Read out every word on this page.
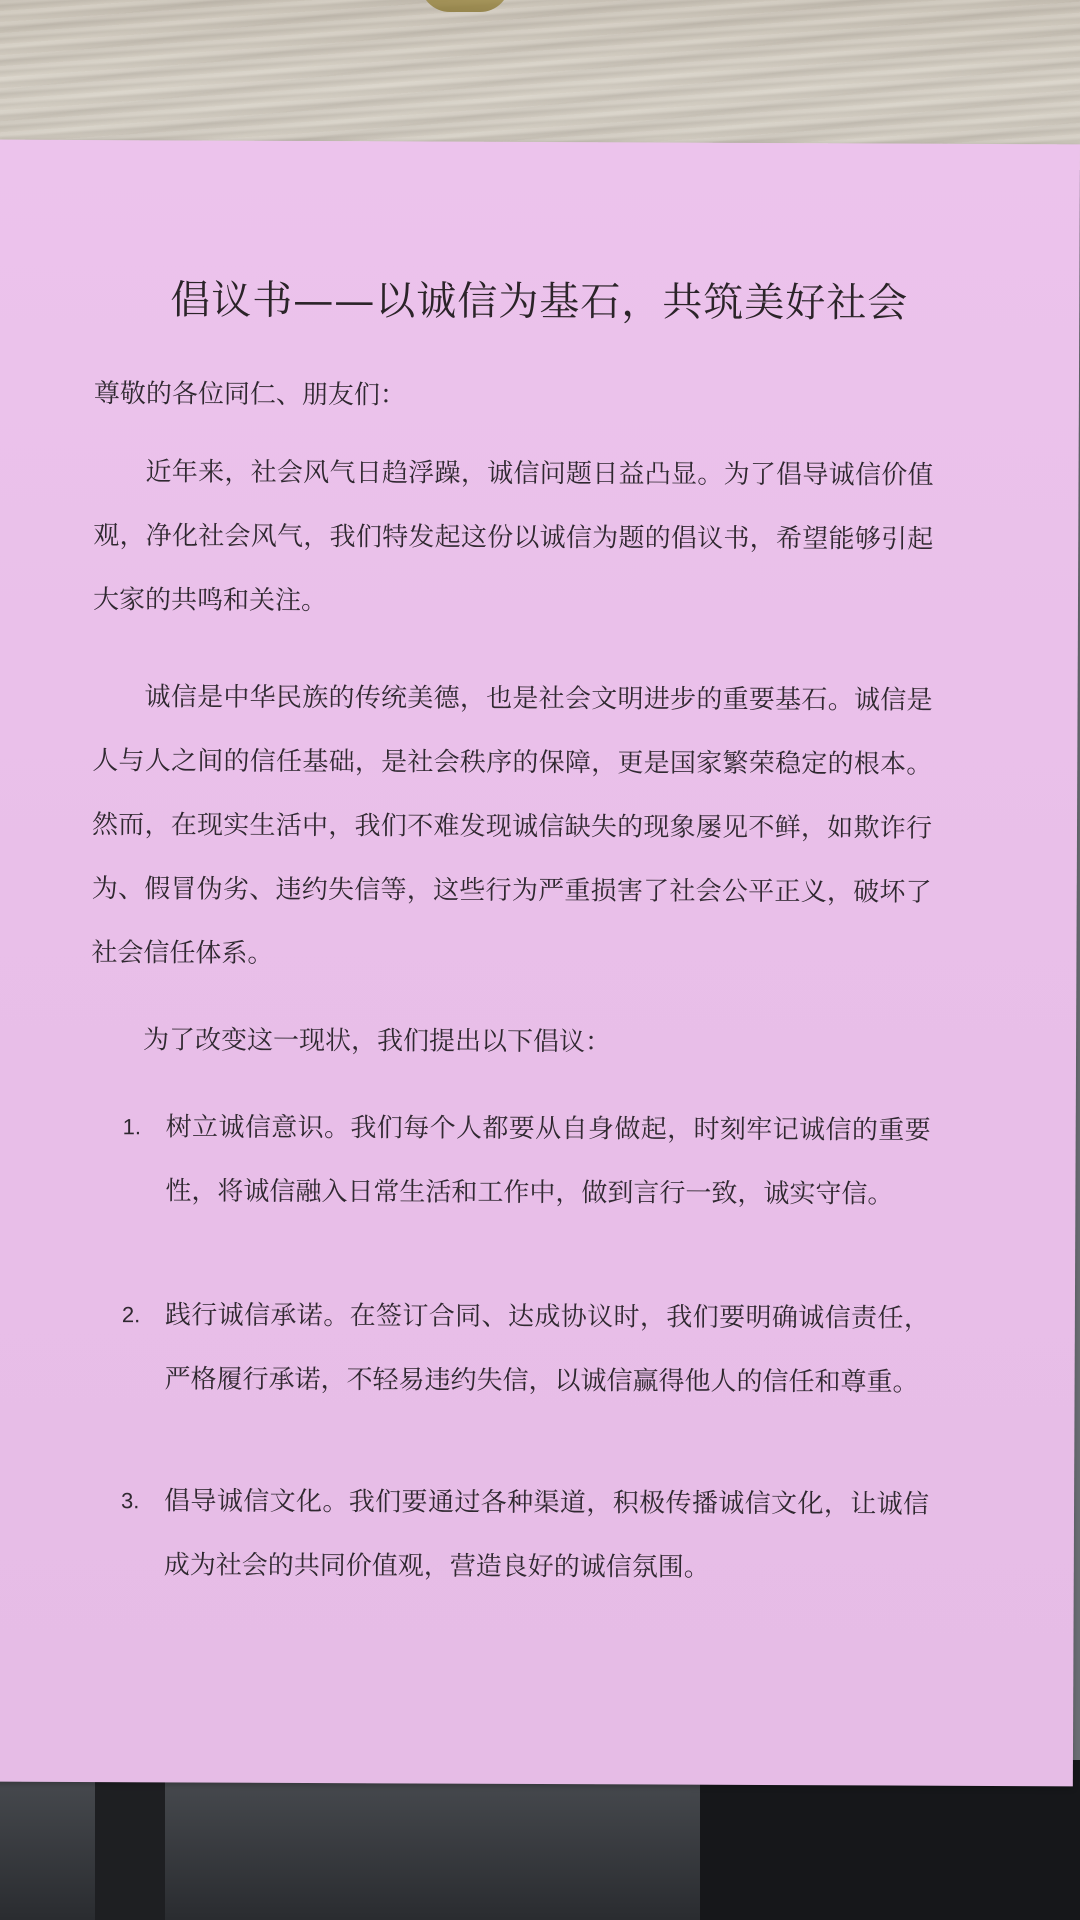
倡议书——以诚信为基石，共筑美好社会
尊敬的各位同仁、朋友们：
近年来，社会风气日趋浮躁，诚信问题日益凸显。为了倡导诚信价值观，净化社会风气，我们特发起这份以诚信为题的倡议书，希望能够引起大家的共鸣和关注。
诚信是中华民族的传统美德，也是社会文明进步的重要基石。诚信是人与人之间的信任基础，是社会秩序的保障，更是国家繁荣稳定的根本。然而，在现实生活中，我们不难发现诚信缺失的现象屡见不鲜，如欺诈行为、假冒伪劣、违约失信等，这些行为严重损害了社会公平正义，破坏了社会信任体系。
为了改变这一现状，我们提出以下倡议：
1. 树立诚信意识。我们每个人都要从自身做起，时刻牢记诚信的重要性，将诚信融入日常生活和工作中，做到言行一致，诚实守信。
2. 践行诚信承诺。在签订合同、达成协议时，我们要明确诚信责任，严格履行承诺，不轻易违约失信，以诚信赢得他人的信任和尊重。
3. 倡导诚信文化。我们要通过各种渠道，积极传播诚信文化，让诚信成为社会的共同价值观，营造良好的诚信氛围。
